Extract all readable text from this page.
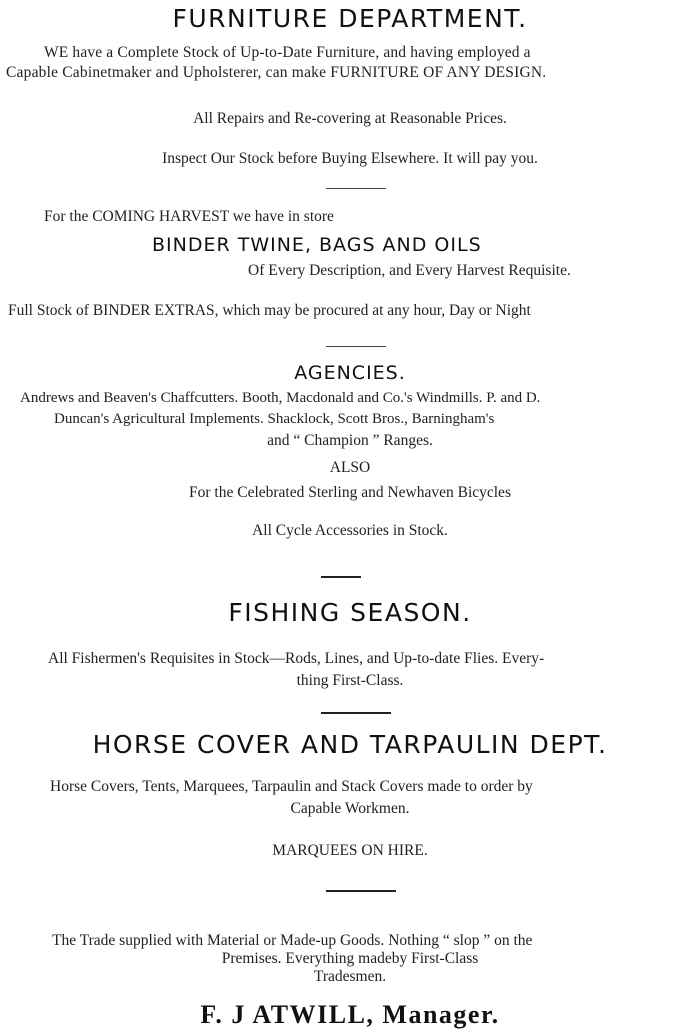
FURNITURE DEPARTMENT.
WE have a Complete Stock of Up-to-Date Furniture, and having employed a
Capable Cabinetmaker and Upholsterer, can make FURNITURE OF ANY DESIGN.
All Repairs and Re-covering at Reasonable Prices.
Inspect Our Stock before Buying Elsewhere. It will pay you.
For the COMING HARVEST we have in store
BINDER TWINE, BAGS AND OILS
Of Every Description, and Every Harvest Requisite.
Full Stock of BINDER EXTRAS, which may be procured at any hour, Day or Night
AGENCIES.
Andrews and Beaven's Chaffcutters. Booth, Macdonald and Co.'s Windmills. P. and D.
Duncan's Agricultural Implements. Shacklock, Scott Bros., Barningham's
and “ Champion ” Ranges.
ALSO
For the Celebrated Sterling and Newhaven Bicycles
All Cycle Accessories in Stock.
FISHING SEASON.
All Fishermen's Requisites in Stock—Rods, Lines, and Up-to-date Flies. Every-
thing First-Class.
HORSE COVER AND TARPAULIN DEPT.
Horse Covers, Tents, Marquees, Tarpaulin and Stack Covers made to order by
Capable Workmen.
MARQUEES ON HIRE.
The Trade supplied with Material or Made-up Goods. Nothing “ slop ” on the
Premises. Everything madeby First-Class
Tradesmen.
F. J ATWILL, Manager.
